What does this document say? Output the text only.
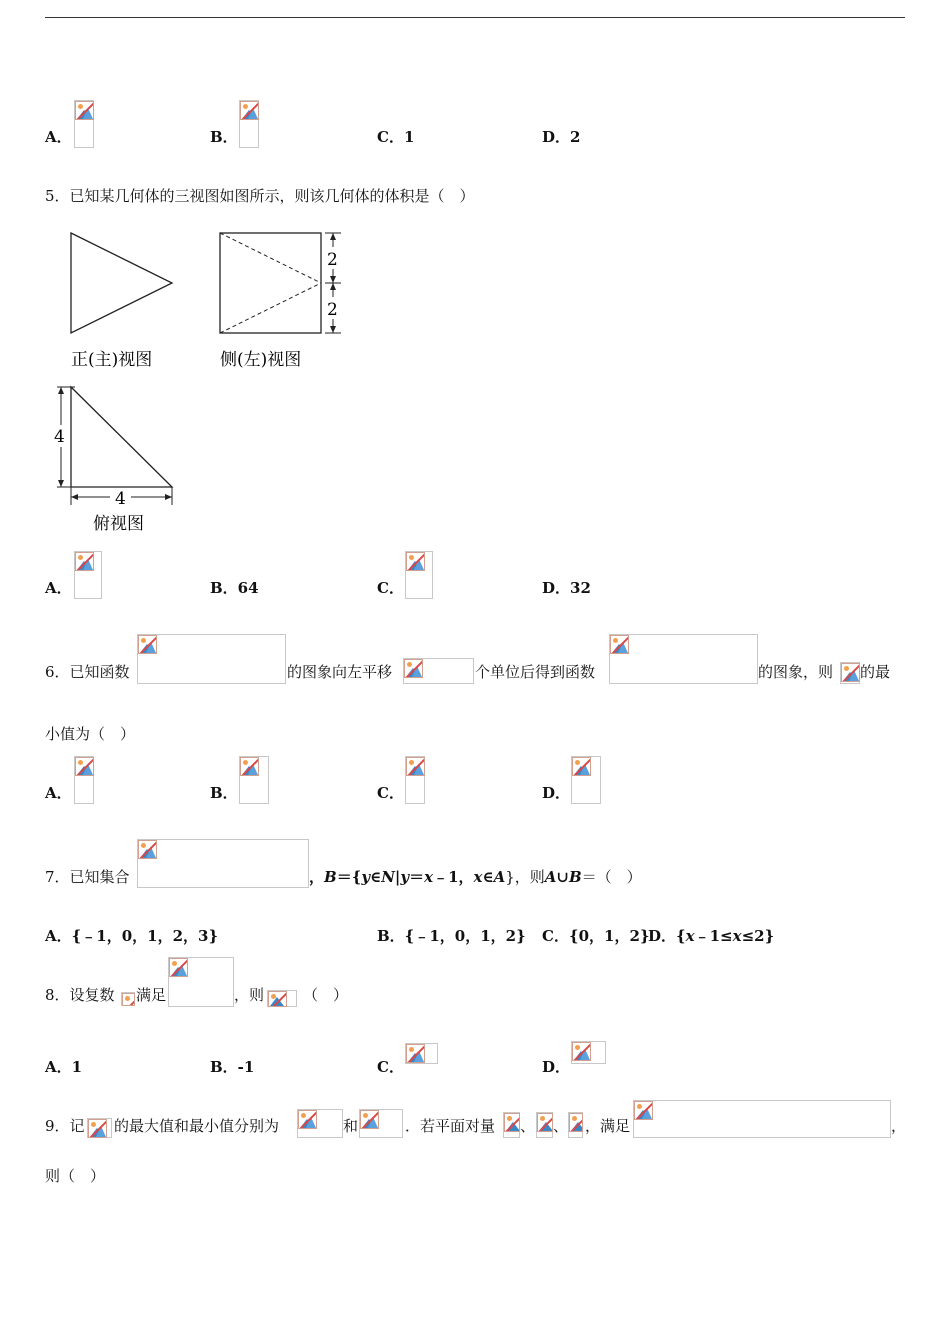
A．	B．	C．1	D．2
5．已知某几何体的三视图如图所示，则该几何体的体积是（　）
正(主)视图
2
2
侧(左)视图
4
4
俯视图
A．	B．64	C．	D．32
6．已知函数	的图象向左平移	个单位后得到函数	的图象，则 的最
小值为（　）
A．	B．	C．	D．
7．已知集合	，B＝{y∈N|y＝x﹣1，x∈A}，则A∪B＝（　）
A．{﹣1，0，1，2，3}	B．{﹣1，0，1，2} C．{0，1，2}
D．{x﹣1≤x≤2}
8．设复数 满足	，则	（　）
A．1	B．-1	C．	D．
9．记 的最大值和最小值分别为	和	．若平面对量 、 、 ，满足	，
则（　）
